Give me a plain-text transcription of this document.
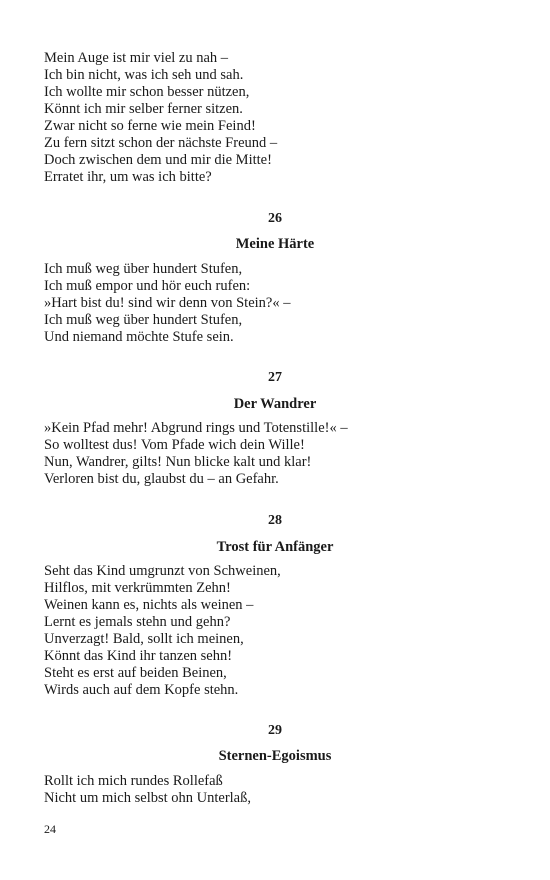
Mein Auge ist mir viel zu nah –
Ich bin nicht, was ich seh und sah.
Ich wollte mir schon besser nützen,
Könnt ich mir selber ferner sitzen.
Zwar nicht so ferne wie mein Feind!
Zu fern sitzt schon der nächste Freund –
Doch zwischen dem und mir die Mitte!
Erratet ihr, um was ich bitte?
26
Meine Härte
Ich muß weg über hundert Stufen,
Ich muß empor und hör euch rufen:
»Hart bist du! sind wir denn von Stein?« –
Ich muß weg über hundert Stufen,
Und niemand möchte Stufe sein.
27
Der Wandrer
»Kein Pfad mehr! Abgrund rings und Totenstille!« –
So wolltest dus! Vom Pfade wich dein Wille!
Nun, Wandrer, gilts! Nun blicke kalt und klar!
Verloren bist du, glaubst du – an Gefahr.
28
Trost für Anfänger
Seht das Kind umgrunzt von Schweinen,
Hilflos, mit verkrümmten Zehn!
Weinen kann es, nichts als weinen –
Lernt es jemals stehn und gehn?
Unverzagt! Bald, sollt ich meinen,
Könnt das Kind ihr tanzen sehn!
Steht es erst auf beiden Beinen,
Wirds auch auf dem Kopfe stehn.
29
Sternen-Egoismus
Rollt ich mich rundes Rollefaß
Nicht um mich selbst ohn Unterlaß,
24
